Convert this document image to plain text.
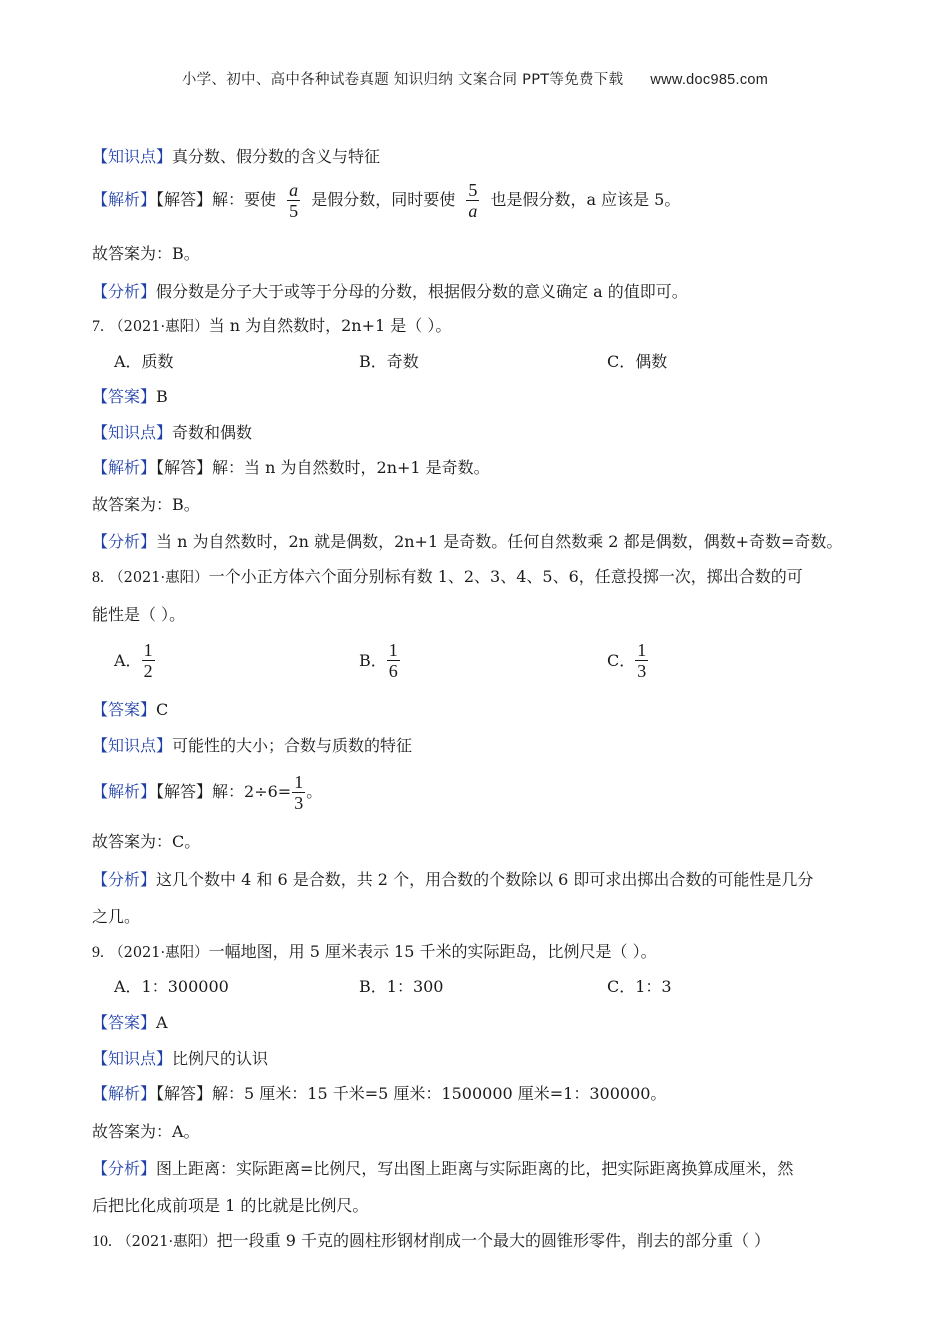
小学、初中、高中各种试卷真题 知识归纳 文案合同 PPT等免费下载 www.doc985.com
【知识点】真分数、假分数的含义与特征
【解析】【解答】解：要使 $\frac{a}{5}$ 是假分数，同时要使 $\frac{5}{a}$ 也是假分数，a 应该是 5。
故答案为：B。
【分析】假分数是分子大于或等于分母的分数，根据假分数的意义确定 a 的值即可。
7. （2021·惠阳）当 n 为自然数时，2n+1 是（ ）。
A．质数	B．奇数	C．偶数
【答案】B
【知识点】奇数和偶数
【解析】【解答】解：当 n 为自然数时，2n+1 是奇数。
故答案为：B。
【分析】当 n 为自然数时，2n 就是偶数，2n+1 是奇数。任何自然数乘 2 都是偶数，偶数+奇数=奇数。
8. （2021·惠阳）一个小正方体六个面分别标有数 1、2、3、4、5、6，任意投掷一次，掷出合数的可
能性是（ ）。
A． $\frac{1}{2}$	B． $\frac{1}{6}$	C． $\frac{1}{3}$
【答案】C
【知识点】可能性的大小；合数与质数的特征
【解析】【解答】解：$2\div 6= \frac{1}{3}$ 。
故答案为：C。
【分析】这几个数中 4 和 6 是合数，共 2 个，用合数的个数除以 6 即可求出掷出合数的可能性是几分
之几。
9. （2021·惠阳）一幅地图，用 5 厘米表示 15 千米的实际距岛，比例尺是（ ）。
A．1：300000	B．1：300	C．1：3
【答案】A
【知识点】比例尺的认识
【解析】【解答】解：5 厘米：15 千米=5 厘米：1500000 厘米=1：300000。
故答案为：A。
【分析】图上距离：实际距离=比例尺，写出图上距离与实际距离的比，把实际距离换算成厘米，然
后把比化成前项是 1 的比就是比例尺。
10. （2021·惠阳）把一段重 9 千克的圆柱形钢材削成一个最大的圆锥形零件，削去的部分重（ ）
